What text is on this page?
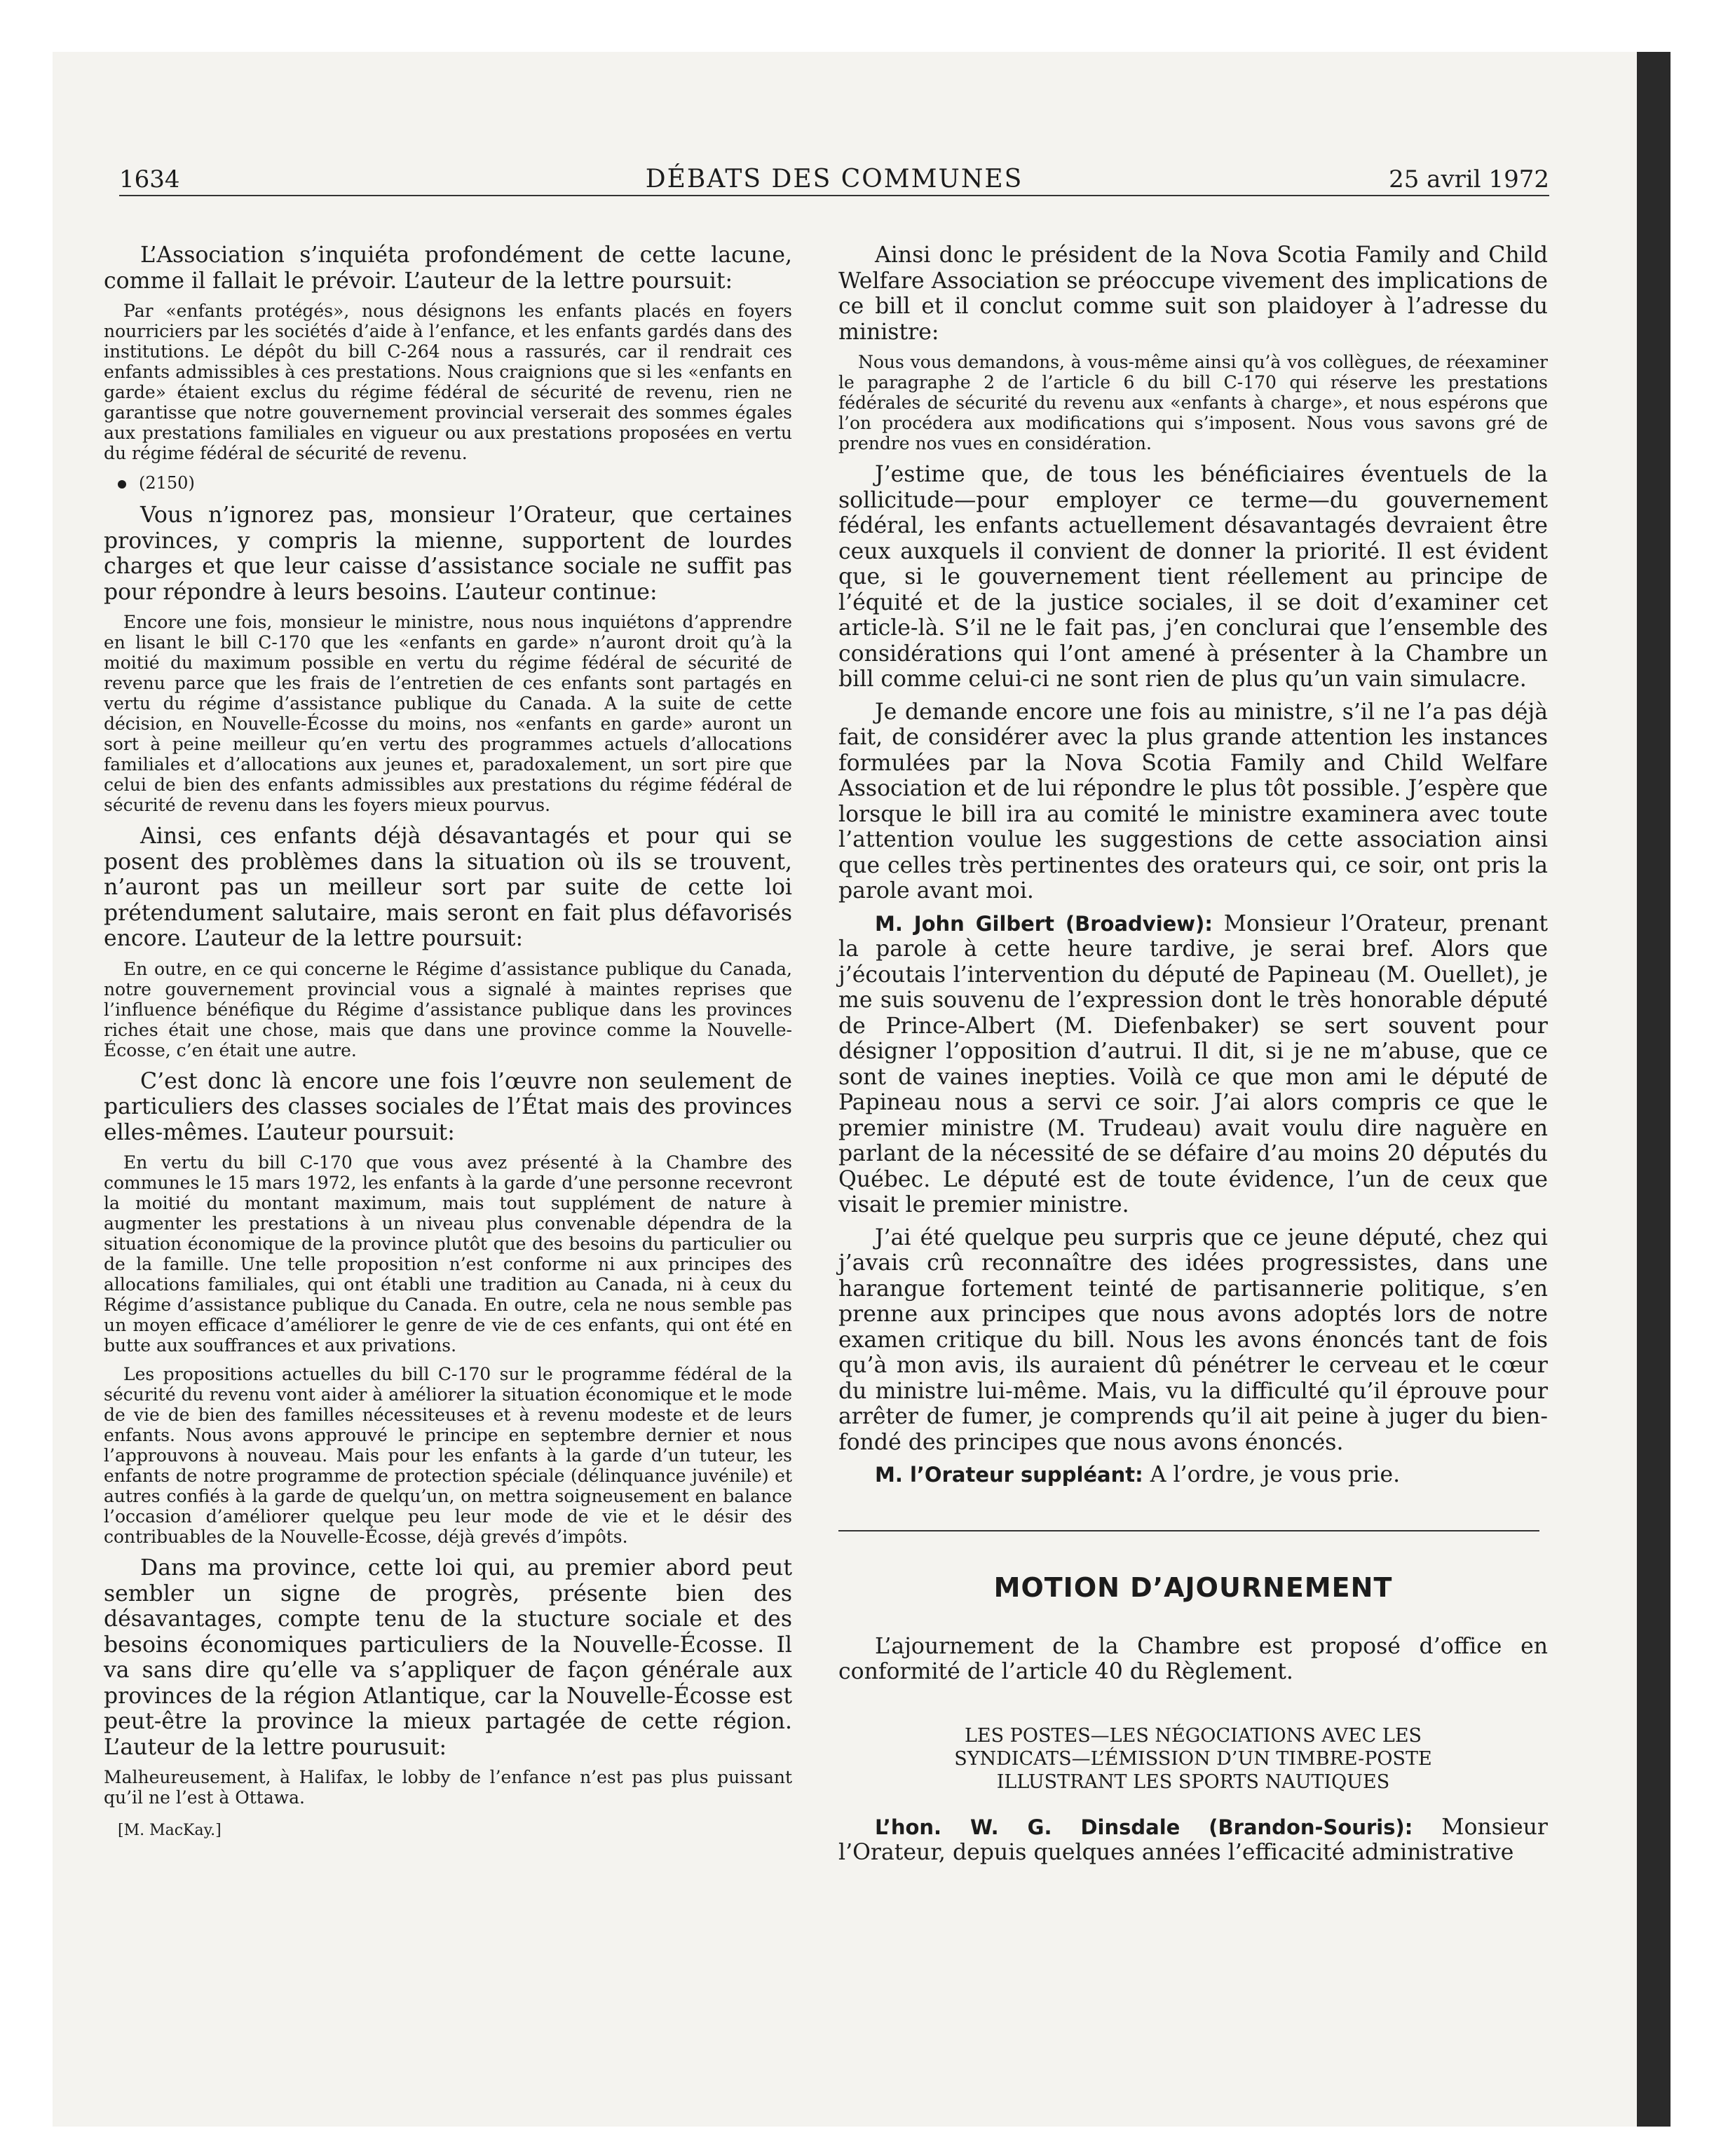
1634	DÉBATS DES COMMUNES	25 avril 1972

L’Association s’inquiéta profondément de cette lacune, comme il fallait le prévoir. L’auteur de la lettre poursuit:

Par «enfants protégés», nous désignons les enfants placés en foyers nourriciers par les sociétés d’aide à l’enfance, et les enfants gardés dans des institutions. Le dépôt du bill C-264 nous a rassurés, car il rendrait ces enfants admissibles à ces prestations. Nous craignions que si les «enfants en garde» étaient exclus du régime fédéral de sécurité de revenu, rien ne garantisse que notre gouvernement provincial verserait des sommes égales aux prestations familiales en vigueur ou aux prestations proposées en vertu du régime fédéral de sécurité de revenu.

(2150)

Vous n’ignorez pas, monsieur l’Orateur, que certaines provinces, y compris la mienne, supportent de lourdes charges et que leur caisse d’assistance sociale ne suffit pas pour répondre à leurs besoins. L’auteur continue:

Encore une fois, monsieur le ministre, nous nous inquiétons d’apprendre en lisant le bill C-170 que les «enfants en garde» n’auront droit qu’à la moitié du maximum possible en vertu du régime fédéral de sécurité de revenu parce que les frais de l’entretien de ces enfants sont partagés en vertu du régime d’assistance publique du Canada. A la suite de cette décision, en Nouvelle-Écosse du moins, nos «enfants en garde» auront un sort à peine meilleur qu’en vertu des programmes actuels d’allocations familiales et d’allocations aux jeunes et, paradoxalement, un sort pire que celui de bien des enfants admissibles aux prestations du régime fédéral de sécurité de revenu dans les foyers mieux pourvus.

Ainsi, ces enfants déjà désavantagés et pour qui se posent des problèmes dans la situation où ils se trouvent, n’auront pas un meilleur sort par suite de cette loi prétendument salutaire, mais seront en fait plus défavorisés encore. L’auteur de la lettre poursuit:

En outre, en ce qui concerne le Régime d’assistance publique du Canada, notre gouvernement provincial vous a signalé à maintes reprises que l’influence bénéfique du Régime d’assistance publique dans les provinces riches était une chose, mais que dans une province comme la Nouvelle-Écosse, c’en était une autre.

C’est donc là encore une fois l’œuvre non seulement de particuliers des classes sociales de l’État mais des provinces elles-mêmes. L’auteur poursuit:

En vertu du bill C-170 que vous avez présenté à la Chambre des communes le 15 mars 1972, les enfants à la garde d’une personne recevront la moitié du montant maximum, mais tout supplément de nature à augmenter les prestations à un niveau plus convenable dépendra de la situation économique de la province plutôt que des besoins du particulier ou de la famille. Une telle proposition n’est conforme ni aux principes des allocations familiales, qui ont établi une tradition au Canada, ni à ceux du Régime d’assistance publique du Canada. En outre, cela ne nous semble pas un moyen efficace d’améliorer le genre de vie de ces enfants, qui ont été en butte aux souffrances et aux privations.

Les propositions actuelles du bill C-170 sur le programme fédéral de la sécurité du revenu vont aider à améliorer la situation économique et le mode de vie de bien des familles nécessiteuses et à revenu modeste et de leurs enfants. Nous avons approuvé le principe en septembre dernier et nous l’approuvons à nouveau. Mais pour les enfants à la garde d’un tuteur, les enfants de notre programme de protection spéciale (délinquance juvénile) et autres confiés à la garde de quelqu’un, on mettra soigneusement en balance l’occasion d’améliorer quelque peu leur mode de vie et le désir des contribuables de la Nouvelle-Écosse, déjà grevés d’impôts.

Dans ma province, cette loi qui, au premier abord peut sembler un signe de progrès, présente bien des désavantages, compte tenu de la stucture sociale et des besoins économiques particuliers de la Nouvelle-Écosse. Il va sans dire qu’elle va s’appliquer de façon générale aux provinces de la région Atlantique, car la Nouvelle-Écosse est peut-être la province la mieux partagée de cette région. L’auteur de la lettre pourusuit:

Malheureusement, à Halifax, le lobby de l’enfance n’est pas plus puissant qu’il ne l’est à Ottawa.

[M. MacKay.]

Ainsi donc le président de la Nova Scotia Family and Child Welfare Association se préoccupe vivement des implications de ce bill et il conclut comme suit son plaidoyer à l’adresse du ministre:

Nous vous demandons, à vous-même ainsi qu’à vos collègues, de réexaminer le paragraphe 2 de l’article 6 du bill C-170 qui réserve les prestations fédérales de sécurité du revenu aux «enfants à charge», et nous espérons que l’on procédera aux modifications qui s’imposent. Nous vous savons gré de prendre nos vues en considération.

J’estime que, de tous les bénéficiaires éventuels de la sollicitude—pour employer ce terme—du gouvernement fédéral, les enfants actuellement désavantagés devraient être ceux auxquels il convient de donner la priorité. Il est évident que, si le gouvernement tient réellement au principe de l’équité et de la justice sociales, il se doit d’examiner cet article-là. S’il ne le fait pas, j’en conclurai que l’ensemble des considérations qui l’ont amené à présenter à la Chambre un bill comme celui-ci ne sont rien de plus qu’un vain simulacre.

Je demande encore une fois au ministre, s’il ne l’a pas déjà fait, de considérer avec la plus grande attention les instances formulées par la Nova Scotia Family and Child Welfare Association et de lui répondre le plus tôt possible. J’espère que lorsque le bill ira au comité le ministre examinera avec toute l’attention voulue les suggestions de cette association ainsi que celles très pertinentes des orateurs qui, ce soir, ont pris la parole avant moi.

M. John Gilbert (Broadview): Monsieur l’Orateur, prenant la parole à cette heure tardive, je serai bref. Alors que j’écoutais l’intervention du député de Papineau (M. Ouellet), je me suis souvenu de l’expression dont le très honorable député de Prince-Albert (M. Diefenbaker) se sert souvent pour désigner l’opposition d’autrui. Il dit, si je ne m’abuse, que ce sont de vaines inepties. Voilà ce que mon ami le député de Papineau nous a servi ce soir. J’ai alors compris ce que le premier ministre (M. Trudeau) avait voulu dire naguère en parlant de la nécessité de se défaire d’au moins 20 députés du Québec. Le député est de toute évidence, l’un de ceux que visait le premier ministre.

J’ai été quelque peu surpris que ce jeune député, chez qui j’avais crû reconnaître des idées progressistes, dans une harangue fortement teinté de partisannerie politique, s’en prenne aux principes que nous avons adoptés lors de notre examen critique du bill. Nous les avons énoncés tant de fois qu’à mon avis, ils auraient dû pénétrer le cerveau et le cœur du ministre lui-même. Mais, vu la difficulté qu’il éprouve pour arrêter de fumer, je comprends qu’il ait peine à juger du bien-fondé des principes que nous avons énoncés.

M. l’Orateur suppléant: A l’ordre, je vous prie.

MOTION D’AJOURNEMENT

L’ajournement de la Chambre est proposé d’office en conformité de l’article 40 du Règlement.

LES POSTES—LES NÉGOCIATIONS AVEC LES
SYNDICATS—L’ÉMISSION D’UN TIMBRE-POSTE
ILLUSTRANT LES SPORTS NAUTIQUES

L’hon. W. G. Dinsdale (Brandon-Souris): Monsieur l’Orateur, depuis quelques années l’efficacité administrative
